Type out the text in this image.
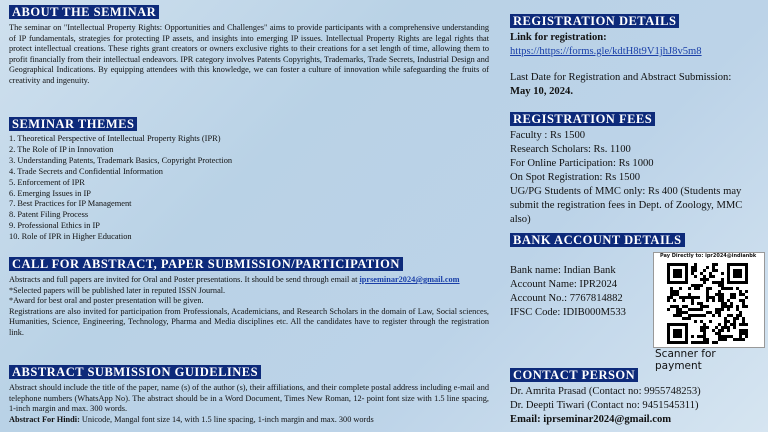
ABOUT THE SEMINAR

The seminar on "Intellectual Property Rights: Opportunities and Challenges" aims to provide participants with a comprehensive understanding of IP fundamentals, strategies for protecting IP assets, and insights into emerging IP issues. Intellectual Property Rights are legal rights that protect intellectual creations. These rights grant creators or owners exclusive rights to their creations for a set length of time, allowing them to profit financially from their intellectual endeavors. IPR category involves Patents Copyrights, Trademarks, Trade Secrets, Industrial Design and Geographical Indications. By equipping attendees with this knowledge, we can foster a culture of innovation while safeguarding the fruits of creativity and ingenuity.

SEMINAR THEMES
1. Theoretical Perspective of Intellectual Property Rights (IPR)
2. The Role of IP in Innovation
3. Understanding Patents, Trademark Basics, Copyright Protection
4. Trade Secrets and Confidential Information
5. Enforcement of IPR
6. Emerging Issues in IP
7. Best Practices for IP Management
8. Patent Filing Process
9. Professional Ethics in IP
10. Role of IPR in Higher Education
CALL FOR ABSTRACT, PAPER SUBMISSION/PARTICIPATION

Abstracts and full papers are invited for Oral and Poster presentations. It should be send through email at iprseminar2024@gmail.com

*Selected papers will be published later in reputed ISSN Journal.

*Award for best oral and poster presentation will be given.

Registrations are also invited for participation from Professionals, Academicians, and Research Scholars in the domain of Law, Social sciences, Humanities, Science, Engineering, Technology, Pharma and Media disciplines etc. All the candidates have to register through the registration link.

ABSTRACT SUBMISSION GUIDELINES

Abstract should include the title of the paper, name (s) of the author (s), their affiliations, and their complete postal address including e-mail and telephone numbers (WhatsApp No). The abstract should be in a Word Document, Times New Roman, 12- point font size with 1.5 line spacing, 1-inch margin and max. 300 words.

Abstract For Hindi: Unicode, Mangal font size 14, with 1.5 line spacing, 1-inch margin and max. 300 words

REGISTRATION DETAILS

Link for registration:

https://https://forms.gle/kdtH8t9V1jhJ8v5m8

Last Date for Registration and Abstract Submission:

May 10, 2024.

REGISTRATION FEES

Faculty : Rs 1500

Research Scholars: Rs. 1100

For Online Participation: Rs 1000

On Spot Registration: Rs 1500

UG/PG Students of MMC only: Rs 400 (Students may submit the registration fees in Dept. of Zoology, MMC also)

BANK ACCOUNT DETAILS

Bank name: Indian Bank

Account Name: IPR2024

Account No.: 7767814882

IFSC Code: IDIB000M533

Pay Directly to: ipr2024@indianbk
Scanner for payment
CONTACT PERSON

Dr. Amrita Prasad (Contact no: 9955748253)

Dr. Deepti Tiwari (Contact no: 9451545311)

Email: iprseminar2024@gmail.com
